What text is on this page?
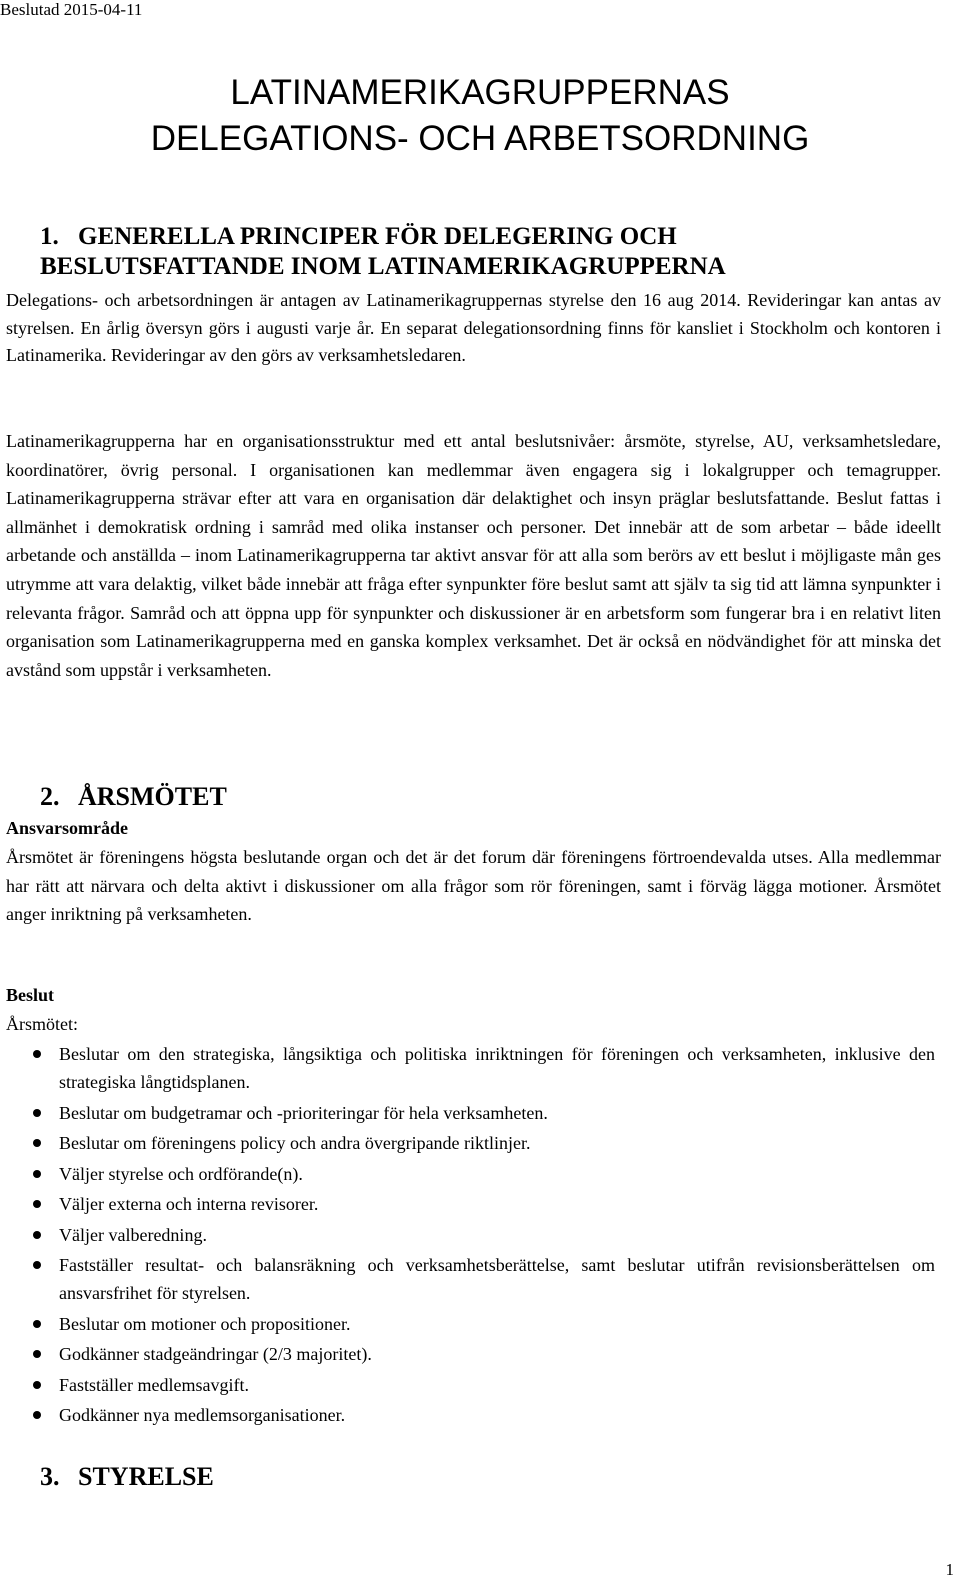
Beslutad 2015-04-11
LATINAMERIKAGRUPPERNAS
DELEGATIONS- OCH ARBETSORDNING
1. GENERELLA PRINCIPER FÖR DELEGERING OCH
BESLUTSFATTANDE INOM LATINAMERIKAGRUPPERNA

Delegations- och arbetsordningen är antagen av Latinamerikagruppernas styrelse den 16 aug 2014. Revideringar kan antas av styrelsen. En årlig översyn görs i augusti varje år. En separat delegationsordning finns för kansliet i Stockholm och kontoren i Latinamerika. Revideringar av den görs av verksamhetsledaren.

Latinamerikagrupperna har en organisationsstruktur med ett antal beslutsnivåer: årsmöte, styrelse, AU, verksamhetsledare, koordinatörer, övrig personal. I organisationen kan medlemmar även engagera sig i lokalgrupper och temagrupper. Latinamerikagrupperna strävar efter att vara en organisation där delaktighet och insyn präglar beslutsfattande. Beslut fattas i allmänhet i demokratisk ordning i samråd med olika instanser och personer. Det innebär att de som arbetar – både ideellt arbetande och anställda – inom Latinamerikagrupperna tar aktivt ansvar för att alla som berörs av ett beslut i möjligaste mån ges utrymme att vara delaktig, vilket både innebär att fråga efter synpunkter före beslut samt att själv ta sig tid att lämna synpunkter i relevanta frågor. Samråd och att öppna upp för synpunkter och diskussioner är en arbetsform som fungerar bra i en relativt liten organisation som Latinamerikagrupperna med en ganska komplex verksamhet. Det är också en nödvändighet för att minska det avstånd som uppstår i verksamheten.

2. ÅRSMÖTET
Ansvarsområde

Årsmötet är föreningens högsta beslutande organ och det är det forum där föreningens förtroendevalda utses. Alla medlemmar har rätt att närvara och delta aktivt i diskussioner om alla frågor som rör föreningen, samt i förväg lägga motioner. Årsmötet anger inriktning på verksamheten.

Beslut

Årsmötet:

Beslutar om den strategiska, långsiktiga och politiska inriktningen för föreningen och verksamheten, inklusive den strategiska långtidsplanen.
Beslutar om budgetramar och -prioriteringar för hela verksamheten.
Beslutar om föreningens policy och andra övergripande riktlinjer.
Väljer styrelse och ordförande(n).
Väljer externa och interna revisorer.
Väljer valberedning.
Fastställer resultat- och balansräkning och verksamhetsberättelse, samt beslutar utifrån revisionsberättelsen om ansvarsfrihet för styrelsen.
Beslutar om motioner och propositioner.
Godkänner stadgeändringar (2/3 majoritet).
Fastställer medlemsavgift.
Godkänner nya medlemsorganisationer.
3. STYRELSE
1
